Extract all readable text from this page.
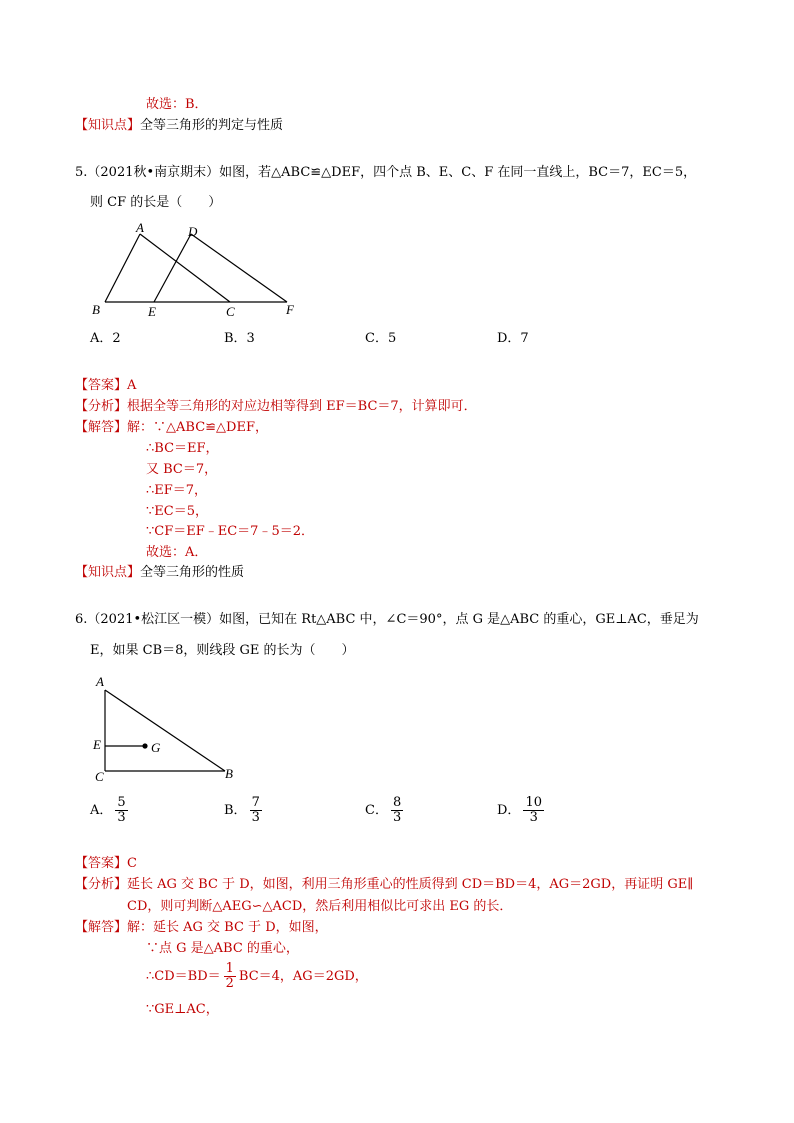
故选：B．
【知识点】全等三角形的判定与性质
5.（2021秋•南京期末）如图，若△ABC≌△DEF，四个点 B、E、C、F 在同一直线上，BC＝7，EC＝5，
则 CF 的长是（　　）
A	D
B	E	C	F
A．2	B．3	C．5	D．7
【答案】A
【分析】根据全等三角形的对应边相等得到 EF＝BC＝7，计算即可．
【解答】解：∵△ABC≌△DEF，
∴BC＝EF，
又 BC＝7，
∴EF＝7，
∵EC＝5，
∵CF＝EF﹣EC＝7﹣5＝2．
故选：A．
【知识点】全等三角形的性质
6.（2021•松江区一模）如图，已知在 Rt△ABC 中，∠C＝90°，点 G 是△ABC 的重心，GE⊥AC，垂足为
E，如果 CB＝8，则线段 GE 的长为（　　）
A
E	G
C	B
A． $\frac{5}{3}$	B． $\frac{7}{3}$	C． $\frac{8}{3}$	D． $\frac{10}{3}$
【答案】C
【分析】延长 AG 交 BC 于 D，如图，利用三角形重心的性质得到 CD＝BD＝4，AG＝2GD，再证明 GE∥
CD，则可判断△AEG∽△ACD，然后利用相似比可求出 EG 的长．
【解答】解：延长 AG 交 BC 于 D，如图，
∵点 G 是△ABC 的重心，
∴CD＝BD＝ $\frac{1}{2} BC=4$，AG＝2GD，
∵GE⊥AC，
